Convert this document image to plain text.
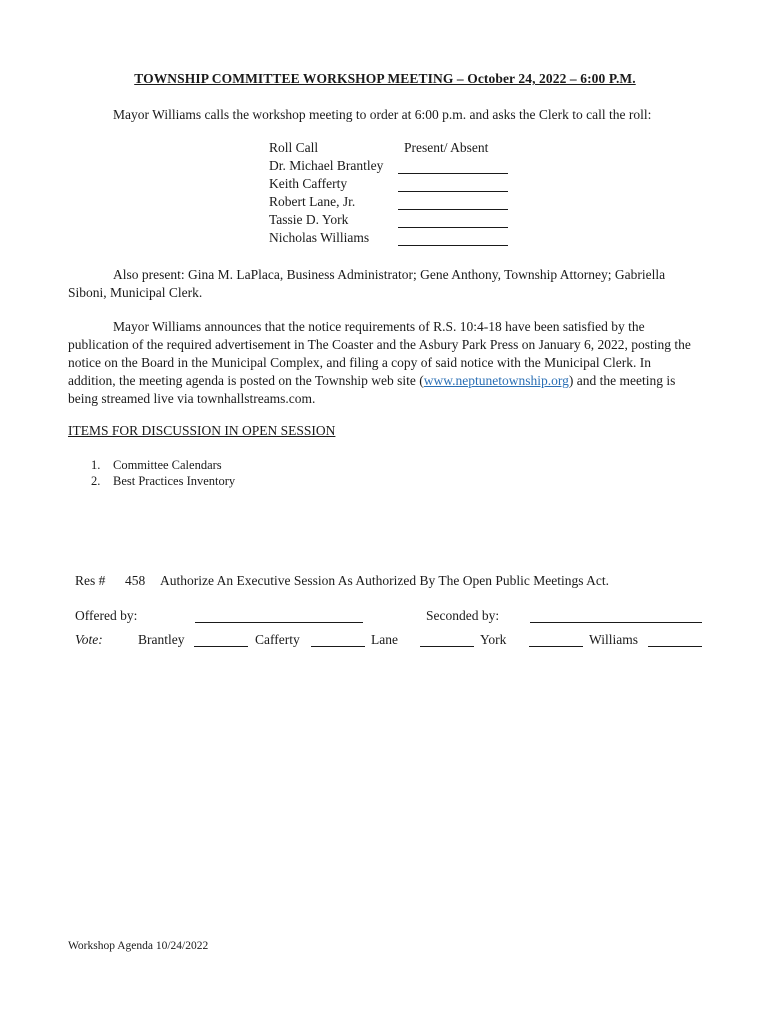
TOWNSHIP COMMITTEE WORKSHOP MEETING – October 24, 2022 – 6:00 P.M.
Mayor Williams calls the workshop meeting to order at 6:00 p.m. and asks the Clerk to call the roll:
Roll Call	Present/ Absent
Dr. Michael Brantley
Keith Cafferty
Robert Lane, Jr.
Tassie D. York
Nicholas Williams
Also present: Gina M. LaPlaca, Business Administrator; Gene Anthony, Township Attorney; Gabriella Siboni, Municipal Clerk.
Mayor Williams announces that the notice requirements of R.S. 10:4-18 have been satisfied by the publication of the required advertisement in The Coaster and the Asbury Park Press on January 6, 2022, posting the notice on the Board in the Municipal Complex, and filing a copy of said notice with the Municipal Clerk. In addition, the meeting agenda is posted on the Township web site (www.neptunetownship.org) and the meeting is being streamed live via townhallstreams.com.
ITEMS FOR DISCUSSION IN OPEN SESSION
1. Committee Calendars
2. Best Practices Inventory
Res # 458 Authorize An Executive Session As Authorized By The Open Public Meetings Act.
Offered by:	Seconded by:
Vote:	Brantley	Cafferty	Lane	York	Williams
Workshop Agenda 10/24/2022
